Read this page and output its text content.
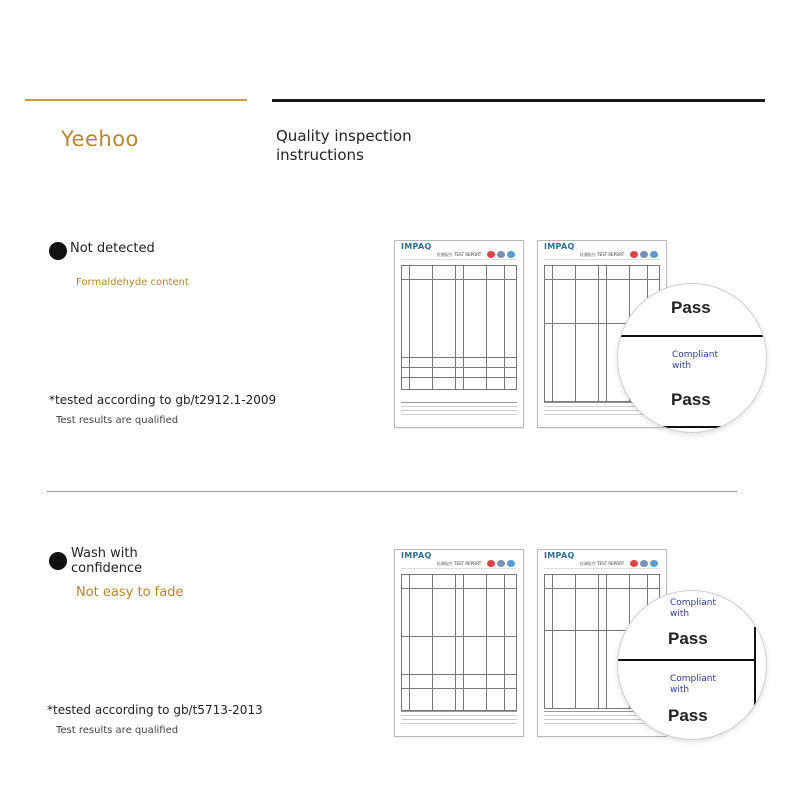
Yeehoo	Quality inspection instructions
Not detected
Formaldehyde content
*tested according to gb/t2912.1-2009
Test results are qualified
IMPAQ
检测报告 TEST REPORT

IMPAQ
检测报告 TEST REPORT

Pass
Compliant with
Pass
Wash with confidence
Not easy to fade
*tested according to gb/t5713-2013
Test results are qualified
IMPAQ
检测报告 TEST REPORT

IMPAQ
检测报告 TEST REPORT

Compliant with
Pass
Compliant with
Pass
